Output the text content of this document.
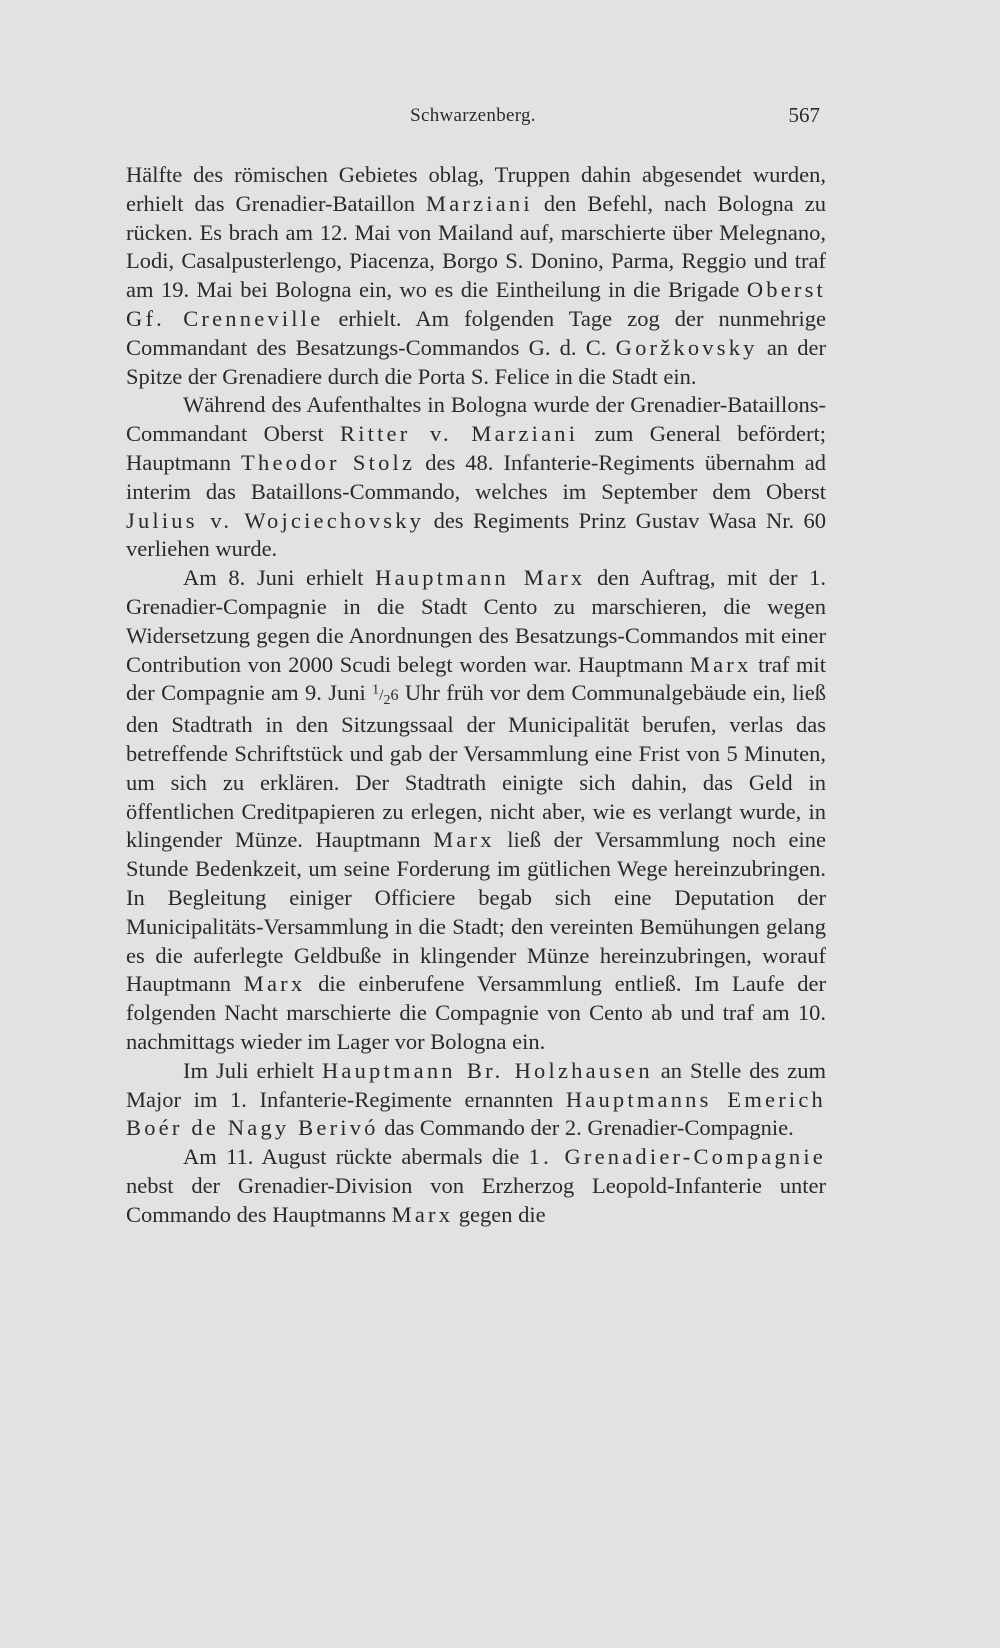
Schwarzenberg.	567

Hälfte des römischen Gebietes oblag, Truppen dahin abgesendet wurden, erhielt das Grenadier-Bataillon Marziani den Befehl, nach Bologna zu rücken. Es brach am 12. Mai von Mailand auf, marschierte über Melegnano, Lodi, Casalpusterlengo, Piacenza, Borgo S. Donino, Parma, Reggio und traf am 19. Mai bei Bologna ein, wo es die Eintheilung in die Brigade Oberst Gf. Crenneville erhielt. Am folgenden Tage zog der nunmehrige Commandant des Besatzungs-Commandos G. d. C. Goržkovsky an der Spitze der Grenadiere durch die Porta S. Felice in die Stadt ein.

Während des Aufenthaltes in Bologna wurde der Grenadier-Bataillons-Commandant Oberst Ritter v. Marziani zum General befördert; Hauptmann Theodor Stolz des 48. Infanterie-Regiments übernahm ad interim das Bataillons-Commando, welches im September dem Oberst Julius v. Wojciechovsky des Regiments Prinz Gustav Wasa Nr. 60 verliehen wurde.

Am 8. Juni erhielt Hauptmann Marx den Auftrag, mit der 1. Grenadier-Compagnie in die Stadt Cento zu marschieren, die wegen Widersetzung gegen die Anordnungen des Besatzungs-Commandos mit einer Contribution von 2000 Scudi belegt worden war. Hauptmann Marx traf mit der Compagnie am 9. Juni $^1/_26$ Uhr früh vor dem Communalgebäude ein, ließ den Stadtrath in den Sitzungssaal der Municipalität berufen, verlas das betreffende Schriftstück und gab der Versammlung eine Frist von 5 Minuten, um sich zu erklären. Der Stadtrath einigte sich dahin, das Geld in öffentlichen Creditpapieren zu erlegen, nicht aber, wie es verlangt wurde, in klingender Münze. Hauptmann Marx ließ der Versammlung noch eine Stunde Bedenkzeit, um seine Forderung im gütlichen Wege hereinzubringen. In Begleitung einiger Officiere begab sich eine Deputation der Municipalitäts-Versammlung in die Stadt; den vereinten Bemühungen gelang es die auferlegte Geldbuße in klingender Münze hereinzubringen, worauf Hauptmann Marx die einberufene Versammlung entließ. Im Laufe der folgenden Nacht marschierte die Compagnie von Cento ab und traf am 10. nachmittags wieder im Lager vor Bologna ein.

Im Juli erhielt Hauptmann Br. Holzhausen an Stelle des zum Major im 1. Infanterie-Regimente ernannten Hauptmanns Emerich Boér de Nagy Berivó das Commando der 2. Grenadier-Compagnie.

Am 11. August rückte abermals die 1. Grenadier-Compagnie nebst der Grenadier-Division von Erzherzog Leopold-Infanterie unter Commando des Hauptmanns Marx gegen die
